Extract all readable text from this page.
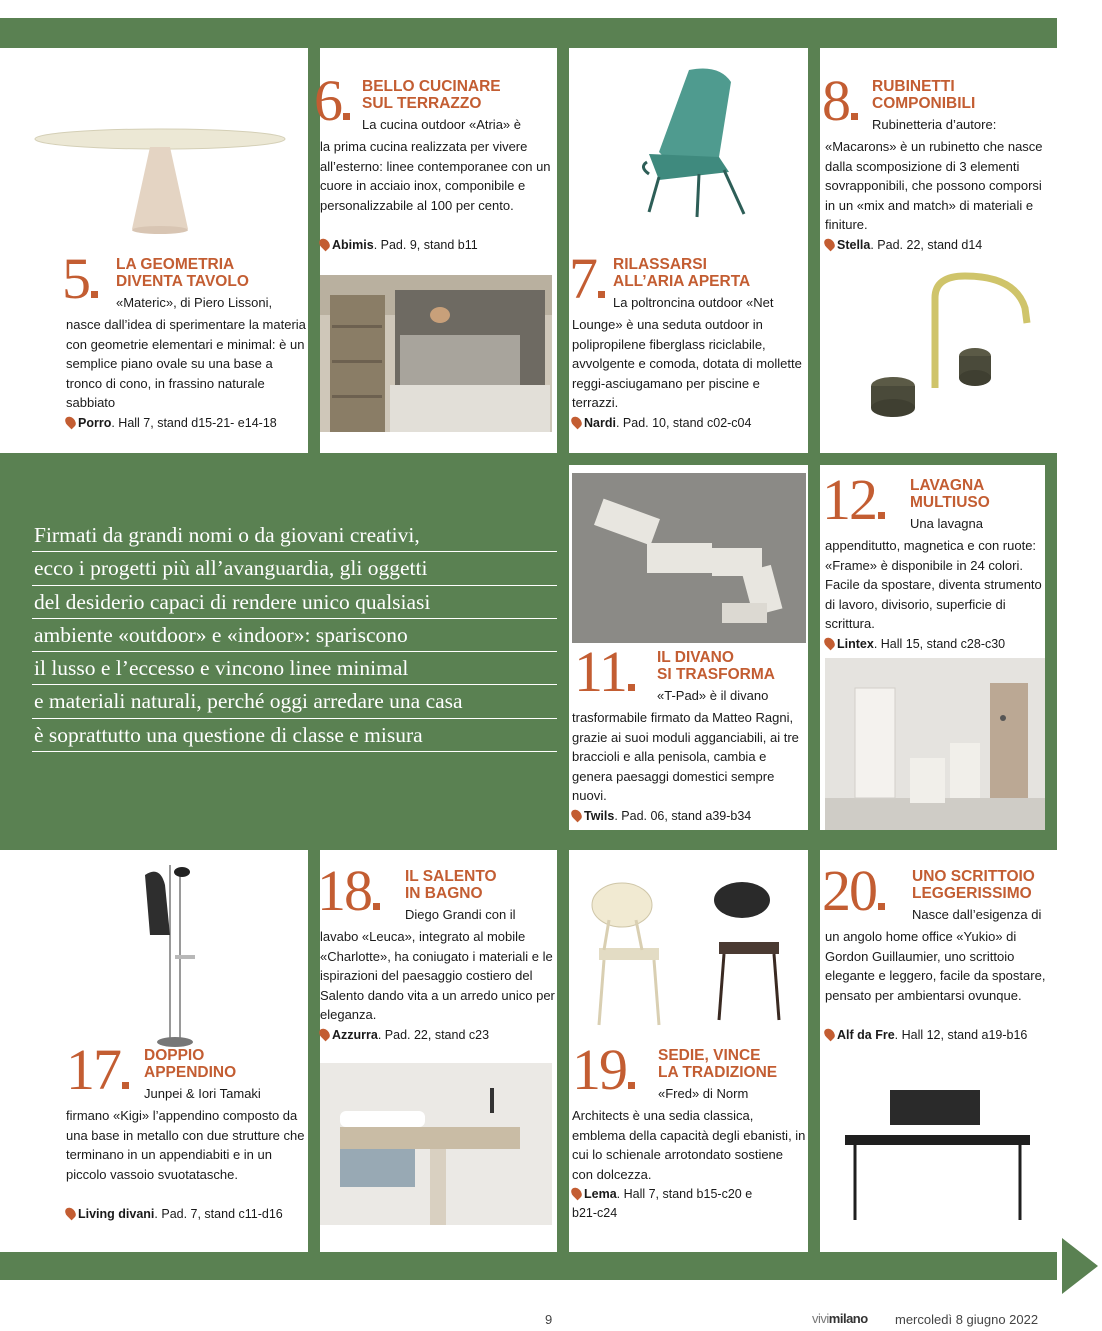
5	LA GEOMETRIA
DIVENTA TAVOLO
«Materic», di Piero Lissoni,
nasce dall’idea di sperimentare la materia con geometrie elementari e minimal: è un semplice piano ovale su una base a tronco di cono, in frassino naturale sabbiato
Porro. Hall 7, stand d15-21- e14-18
6	BELLO CUCINARE
SUL TERRAZZO
La cucina outdoor «Atria» è
la prima cucina realizzata per vivere all’esterno: linee contemporanee con un cuore in acciaio inox, componibile e personalizzabile al 100 per cento.
Abimis. Pad. 9, stand b11
7	RILASSARSI
ALL’ARIA APERTA
La poltroncina outdoor «Net
Lounge» è una seduta outdoor in polipropilene fiberglass riciclabile, avvolgente e comoda, dotata di mollette reggi-asciugamano per piscine e terrazzi.
Nardi. Pad. 10, stand c02-c04
8	RUBINETTI
COMPONIBILI
Rubinetteria d’autore:
«Macarons» è un rubinetto che nasce dalla scomposizione di 3 elementi sovrapponibili, che possono comporsi in un «mix and match» di materiali e finiture.
Stella. Pad. 22, stand d14
Firmati da grandi nomi o da giovani creativi,
ecco i progetti più all’avanguardia, gli oggetti
del desiderio capaci di rendere unico qualsiasi
ambiente «outdoor» e «indoor»: spariscono
il lusso e l’eccesso e vincono linee minimal
e materiali naturali, perché oggi arredare una casa
è soprattutto una questione di classe e misura
11	IL DIVANO
SI TRASFORMA
«T-Pad» è il divano
trasformabile firmato da Matteo Ragni, grazie ai suoi moduli agganciabili, ai tre braccioli e alla penisola, cambia e genera paesaggi domestici sempre nuovi.
Twils. Pad. 06, stand a39-b34
12	LAVAGNA
MULTIUSO
Una lavagna
appenditutto, magnetica e con ruote: «Frame» è disponibile in 24 colori. Facile da spostare, diventa strumento di lavoro, divisorio, superficie di scrittura.
Lintex. Hall 15, stand c28-c30
17	DOPPIO
APPENDINO
Junpei & Iori Tamaki
firmano «Kigi» l’appendino composto da una base in metallo con due strutture che terminano in un appendiabiti e in un piccolo vassoio svuotatasche.
Living divani. Pad. 7, stand c11-d16
18	IL SALENTO
IN BAGNO
Diego Grandi con il
lavabo «Leuca», integrato al mobile «Charlotte», ha coniugato i materiali e le ispirazioni del paesaggio costiero del Salento dando vita a un arredo unico per eleganza.
Azzurra. Pad. 22, stand c23
19	SEDIE, VINCE
LA TRADIZIONE
«Fred» di Norm
Architects è una sedia classica, emblema della capacità degli ebanisti, in cui lo schienale arrotondato sostiene con dolcezza.
Lema. Hall 7, stand b15-c20 e b21-c24
20	UNO SCRITTOIO
LEGGERISSIMO
Nasce dall’esigenza di
un angolo home office «Yukio» di Gordon Guillaumier, uno scrittoio elegante e leggero, facile da spostare, pensato per ambientarsi ovunque.
Alf da Fre. Hall 12, stand a19-b16
9	vivimilano mercoledì 8 giugno 2022
